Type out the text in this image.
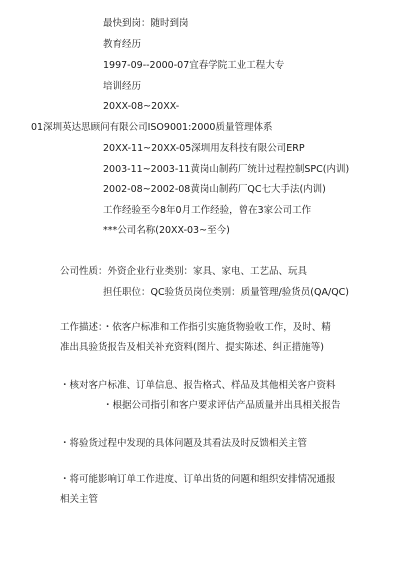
最快到岗：随时到岗
教育经历
1997-09--2000-07宜春学院工业工程大专
培训经历
20XX-08~20XX-
01深圳英达思顾问有限公司ISO9001:2000质量管理体系
20XX-11~20XX-05深圳用友科技有限公司ERP
2003-11~2003-11黄岗山制药厂统计过程控制SPC(内训)
2002-08~2002-08黄岗山制药厂QC七大手法(内训)
工作经验至今8年0月工作经验，曾在3家公司工作
***公司名称(20XX-03~至今)
公司性质：外资企业行业类别：家具、家电、工艺品、玩具
担任职位：QC验货员岗位类别：质量管理/验货员(QA/QC)
工作描述：・依客户标准和工作指引实施货物验收工作，及时、精
准出具验货报告及相关补充资料(图片、提实陈述、纠正措施等)
・核对客户标准、订单信息、报告格式、样品及其他相关客户资料
・根据公司指引和客户要求评估产品质量并出具相关报告
・将验货过程中发现的具体问题及其看法及时反馈相关主管
・将可能影响订单工作进度、订单出货的问题和组织安排情况通报
相关主管
